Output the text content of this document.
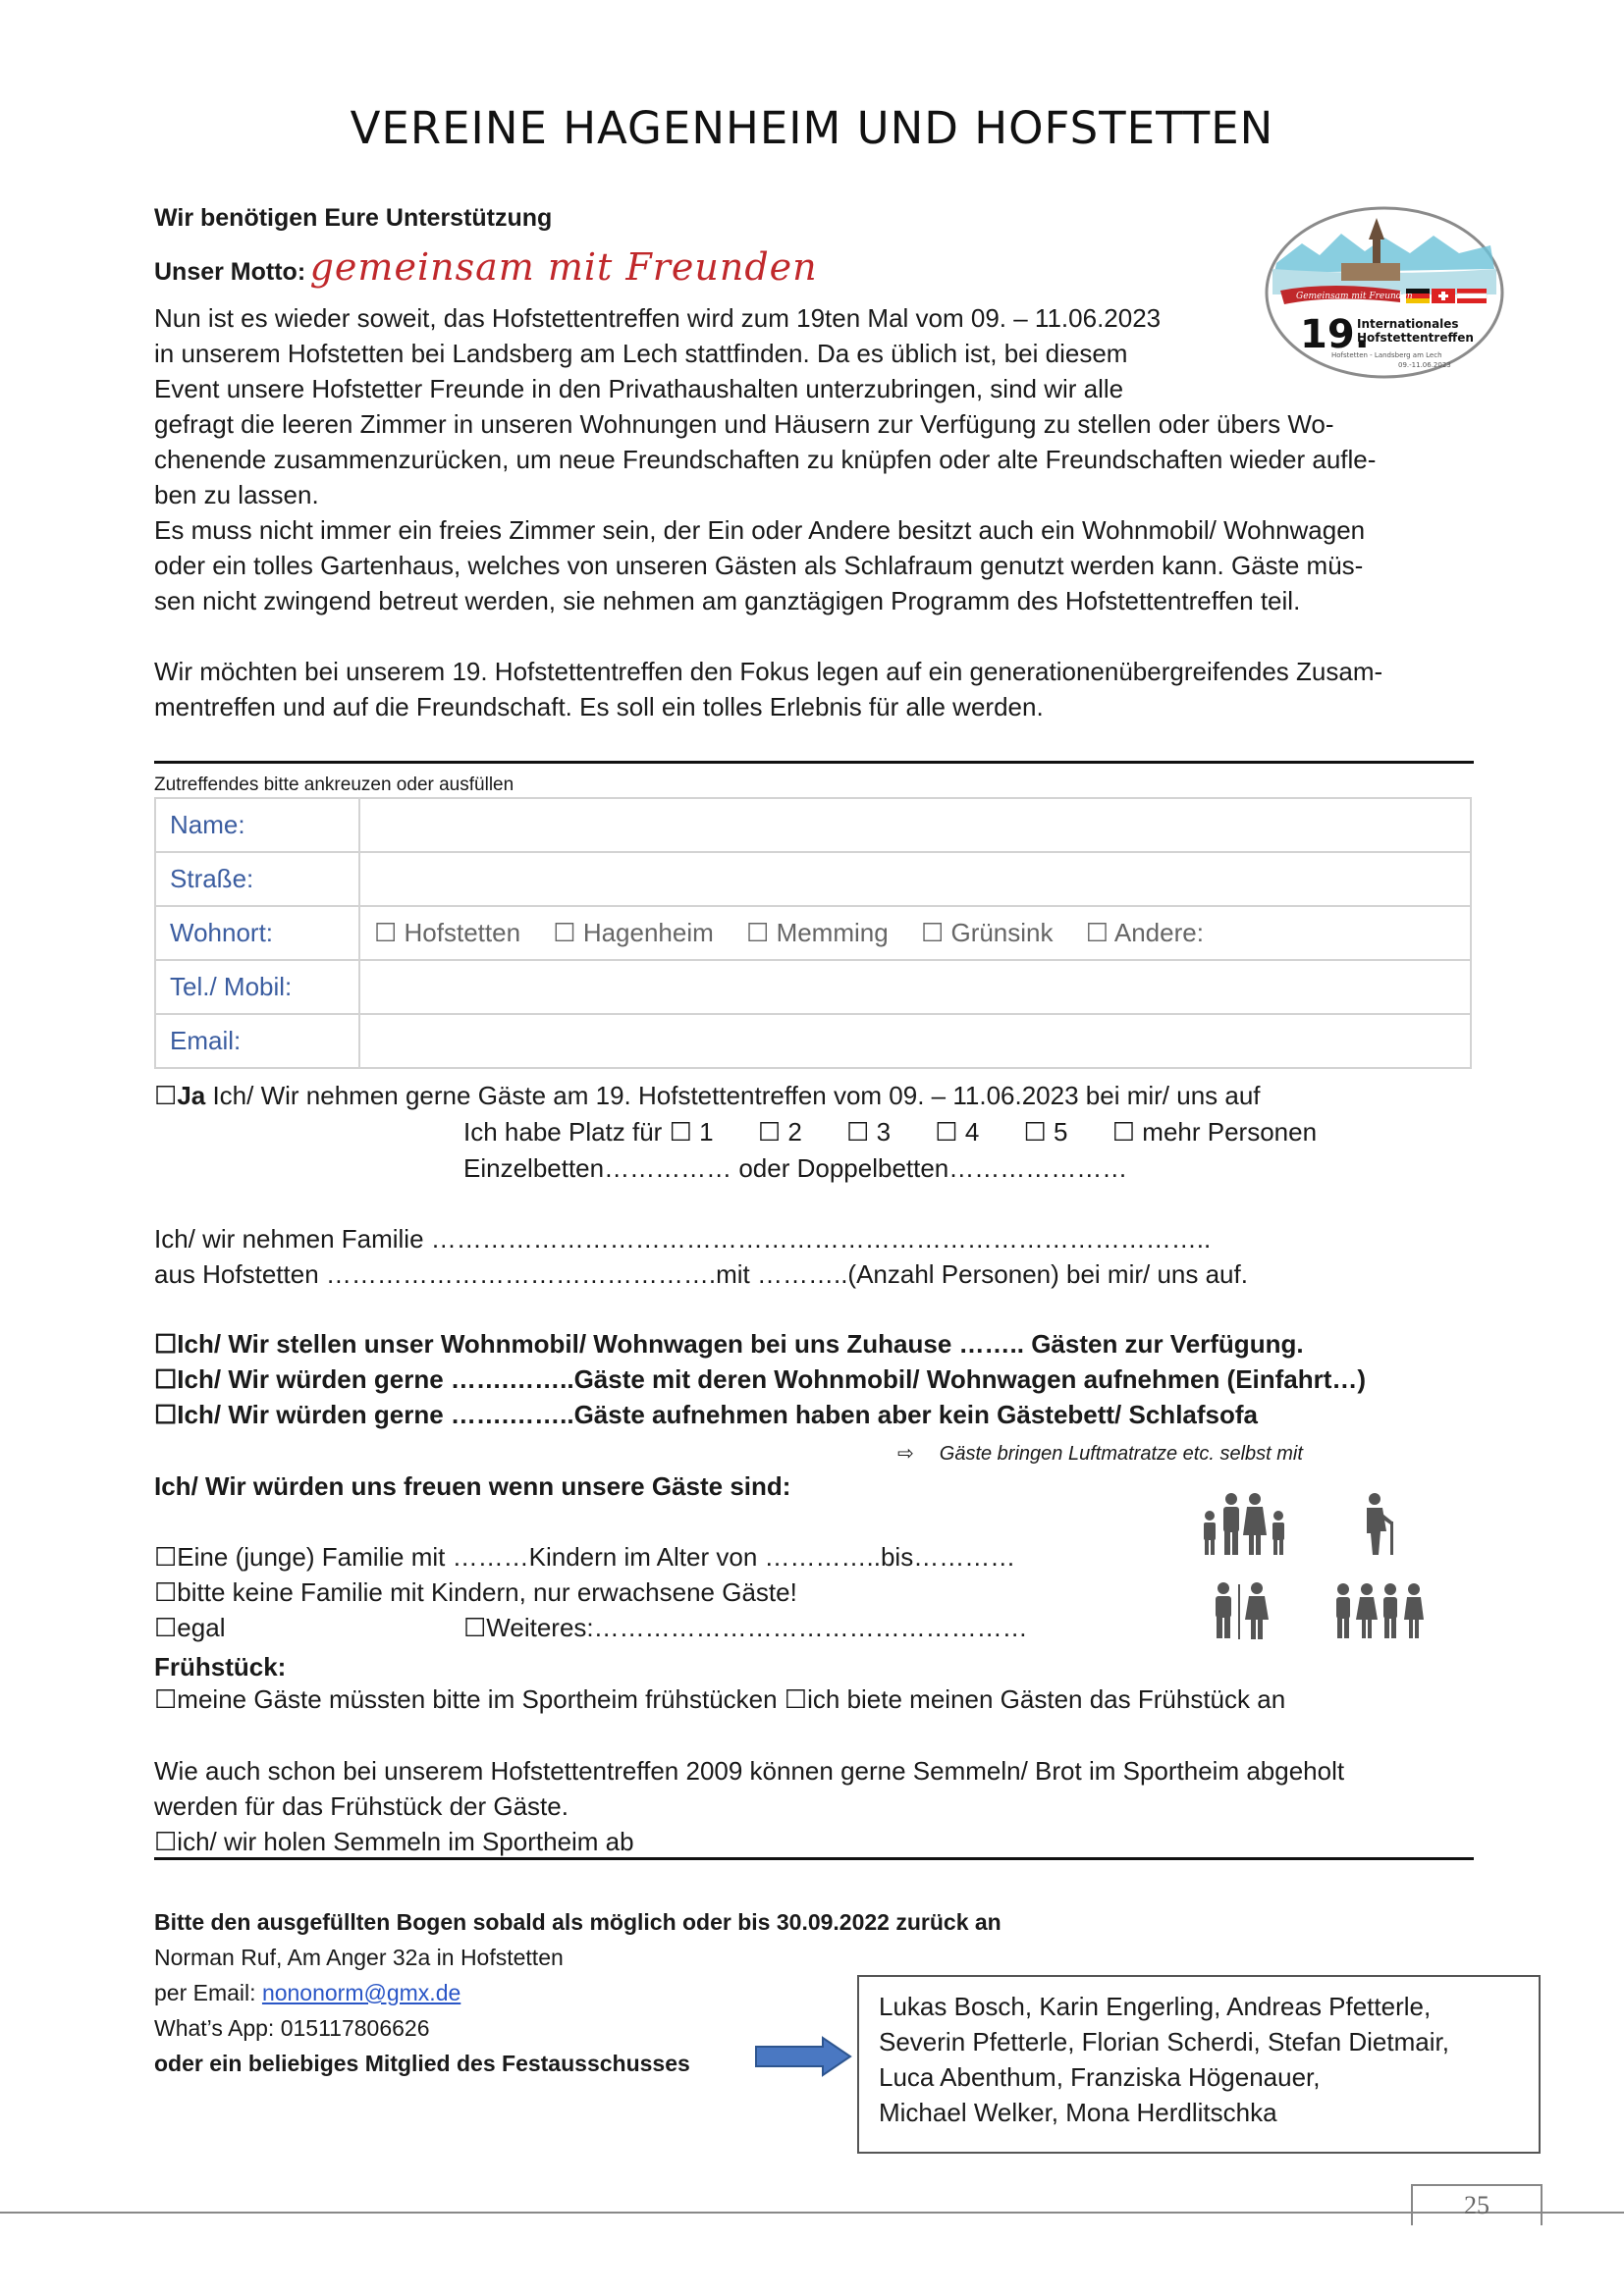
VEREINE HAGENHEIM UND HOFSTETTEN
Wir benötigen Eure Unterstützung
Unser Motto: gemeinsam mit Freunden
Gemeinsam mit Freunden
19.
Internationales
Hofstettentreffen
Hofstetten - Landsberg am Lech
09.-11.06.2023
Nun ist es wieder soweit, das Hofstettentreffen wird zum 19ten Mal vom 09. – 11.06.2023
in unserem Hofstetten bei Landsberg am Lech stattfinden. Da es üblich ist, bei diesem
Event unsere Hofstetter Freunde in den Privathaushalten unterzubringen, sind wir alle
gefragt die leeren Zimmer in unseren Wohnungen und Häusern zur Verfügung zu stellen oder übers Wo-
chenende zusammenzurücken, um neue Freundschaften zu knüpfen oder alte Freundschaften wieder aufle-
ben zu lassen.
Es muss nicht immer ein freies Zimmer sein, der Ein oder Andere besitzt auch ein Wohnmobil/ Wohnwagen
oder ein tolles Gartenhaus, welches von unseren Gästen als Schlafraum genutzt werden kann. Gäste müs-
sen nicht zwingend betreut werden, sie nehmen am ganztägigen Programm des Hofstettentreffen teil.
Wir möchten bei unserem 19. Hofstettentreffen den Fokus legen auf ein generationenübergreifendes Zusam-
mentreffen und auf die Freundschaft. Es soll ein tolles Erlebnis für alle werden.
Zutreffendes bitte ankreuzen oder ausfüllen
Name:	
Straße:	
Wohnort:	☐ Hofstetten ☐ Hagenheim ☐ Memming ☐ Grünsink ☐ Andere:
Tel./ Mobil:	
Email:	
☐Ja Ich/ Wir nehmen gerne Gäste am 19. Hofstettentreffen vom 09. – 11.06.2023 bei mir/ uns auf
Ich habe Platz für ☐ 1 ☐ 2 ☐ 3 ☐ 4 ☐ 5 ☐ mehr Personen
Einzelbetten…………… oder Doppelbetten…………………
Ich/ wir nehmen Familie ………………………………………………………………………………..
aus Hofstetten ……………………………………….mit ………..(Anzahl Personen) bei mir/ uns auf.
☐Ich/ Wir stellen unser Wohnmobil/ Wohnwagen bei uns Zuhause …….. Gästen zur Verfügung.
☐Ich/ Wir würden gerne …….……..Gäste mit deren Wohnmobil/ Wohnwagen aufnehmen (Einfahrt…)
☐Ich/ Wir würden gerne …….……..Gäste aufnehmen haben aber kein Gästebett/ Schlafsofa
⇨ Gäste bringen Luftmatratze etc. selbst mit
Ich/ Wir würden uns freuen wenn unsere Gäste sind:
☐Eine (junge) Familie mit ………Kindern im Alter von …………..bis…………
☐bitte keine Familie mit Kindern, nur erwachsene Gäste!
☐egal	☐Weiteres:……………………………………………
Frühstück:
☐meine Gäste müssten bitte im Sportheim frühstücken ☐ich biete meinen Gästen das Frühstück an
Wie auch schon bei unserem Hofstettentreffen 2009 können gerne Semmeln/ Brot im Sportheim abgeholt
werden für das Frühstück der Gäste.
☐ich/ wir holen Semmeln im Sportheim ab
Bitte den ausgefüllten Bogen sobald als möglich oder bis 30.09.2022 zurück an
Norman Ruf, Am Anger 32a in Hofstetten
per Email: nononorm@gmx.de
What’s App: 015117806626
oder ein beliebiges Mitglied des Festausschusses
Lukas Bosch, Karin Engerling, Andreas Pfetterle,
Severin Pfetterle, Florian Scherdi, Stefan Dietmair,
Luca Abenthum, Franziska Högenauer,
Michael Welker, Mona Herdlitschka
25
